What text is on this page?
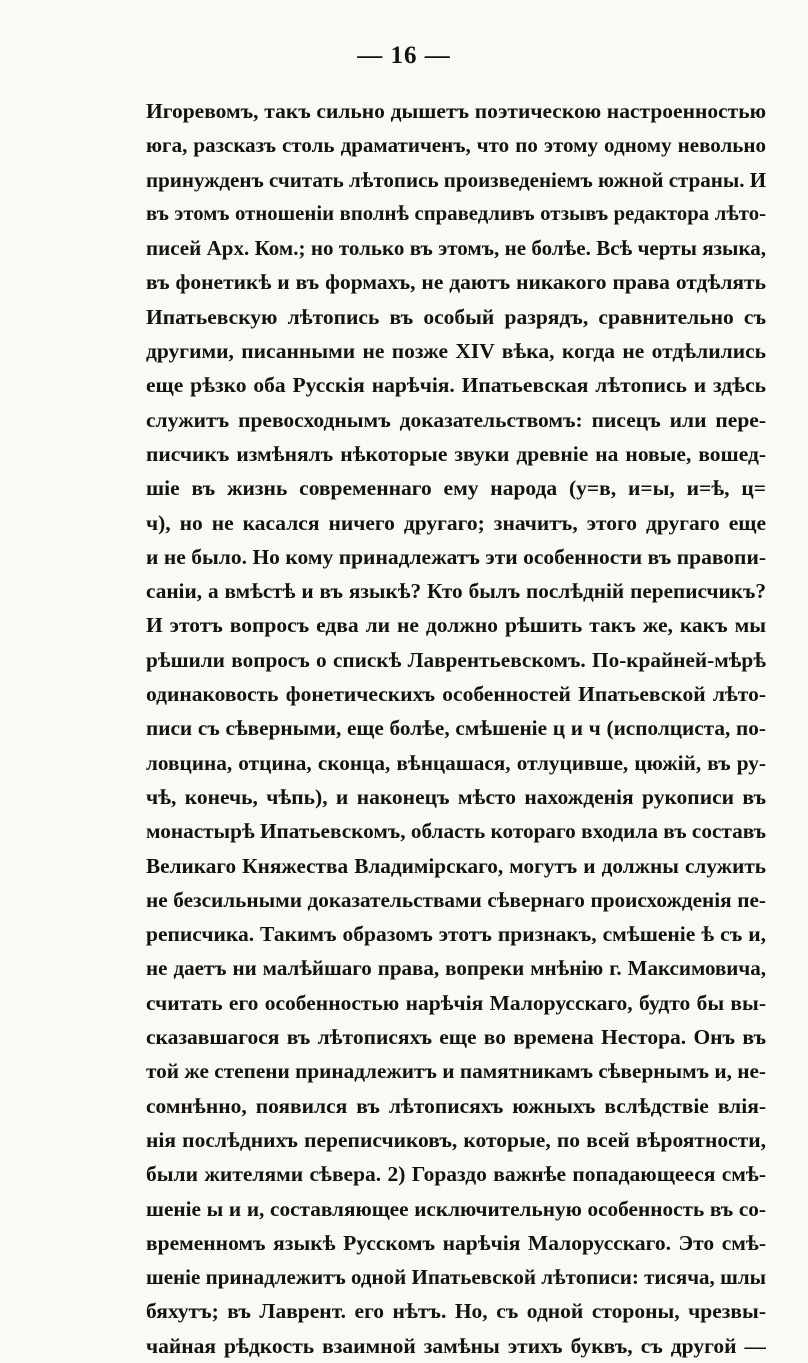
— 16 —
Игоревомъ, такъ сильно дышетъ поэтическою настроенностью
юга, разсказъ столь драматиченъ, что по этому одному невольно
принужденъ считать лѣтопись произведеніемъ южной страны. И
въ этомъ отношеніи вполнѣ справедливъ отзывъ редактора лѣто-
писей Арх. Ком.; но только въ этомъ, не болѣе. Всѣ черты языка,
въ фонетикѣ и въ формахъ, не даютъ никакого права отдѣлять
Ипатьевскую лѣтопись въ особый разрядъ, сравнительно съ
другими, писанными не позже XIV вѣка, когда не отдѣлились
еще рѣзко оба Русскія нарѣчія. Ипатьевская лѣтопись и здѣсь
служитъ превосходнымъ доказательствомъ: писецъ или пере-
писчикъ измѣнялъ нѣкоторые звуки древніе на новые, вошед-
шіе въ жизнь современнаго ему народа (у=в, и=ы, и=ѣ, ц=
ч), но не касался ничего другаго; значитъ, этого другаго еще
и не было. Но кому принадлежатъ эти особенности въ правопи-
саніи, а вмѣстѣ и въ языкѣ? Кто былъ послѣдній переписчикъ?
И этотъ вопросъ едва ли не должно рѣшить такъ же, какъ мы
рѣшили вопросъ о спискѣ Лаврентьевскомъ. По-крайней-мѣрѣ
одинаковость фонетическихъ особенностей Ипатьевской лѣто-
писи съ сѣверными, еще болѣе, смѣшеніе ц и ч (исполциста, по-
ловцина, отцина, сконца, вѣнцашася, отлуцивше, цюжій, въ ру-
чѣ, конечь, чѣпь), и наконецъ мѣсто нахожденія рукописи въ
монастырѣ Ипатьевскомъ, область котораго входила въ составъ
Великаго Княжества Владимірскаго, могутъ и должны служить
не безсильными доказательствами сѣвернаго происхожденія пе-
реписчика. Такимъ образомъ этотъ признакъ, смѣшеніе ѣ съ и,
не даетъ ни малѣйшаго права, вопреки мнѣнію г. Максимовича,
считать его особенностью нарѣчія Малорусскаго, будто бы вы-
сказавшагося въ лѣтописяхъ еще во времена Нестора. Онъ въ
той же степени принадлежитъ и памятникамъ сѣвернымъ и, не-
сомнѣнно, появился въ лѣтописяхъ южныхъ вслѣдствіе влія-
нія послѣднихъ переписчиковъ, которые, по всей вѣроятности,
были жителями сѣвера. 2) Гораздо важнѣе попадающееся смѣ-
шеніе ы и и, составляющее исключительную особенность въ со-
временномъ языкѣ Русскомъ нарѣчія Малорусскаго. Это смѣ-
шеніе принадлежитъ одной Ипатьевской лѣтописи: тисяча, шлы
бяхутъ; въ Лаврент. его нѣтъ. Но, съ одной стороны, чрезвы-
чайная рѣдкость взаимной замѣны этихъ буквъ, съ другой —
